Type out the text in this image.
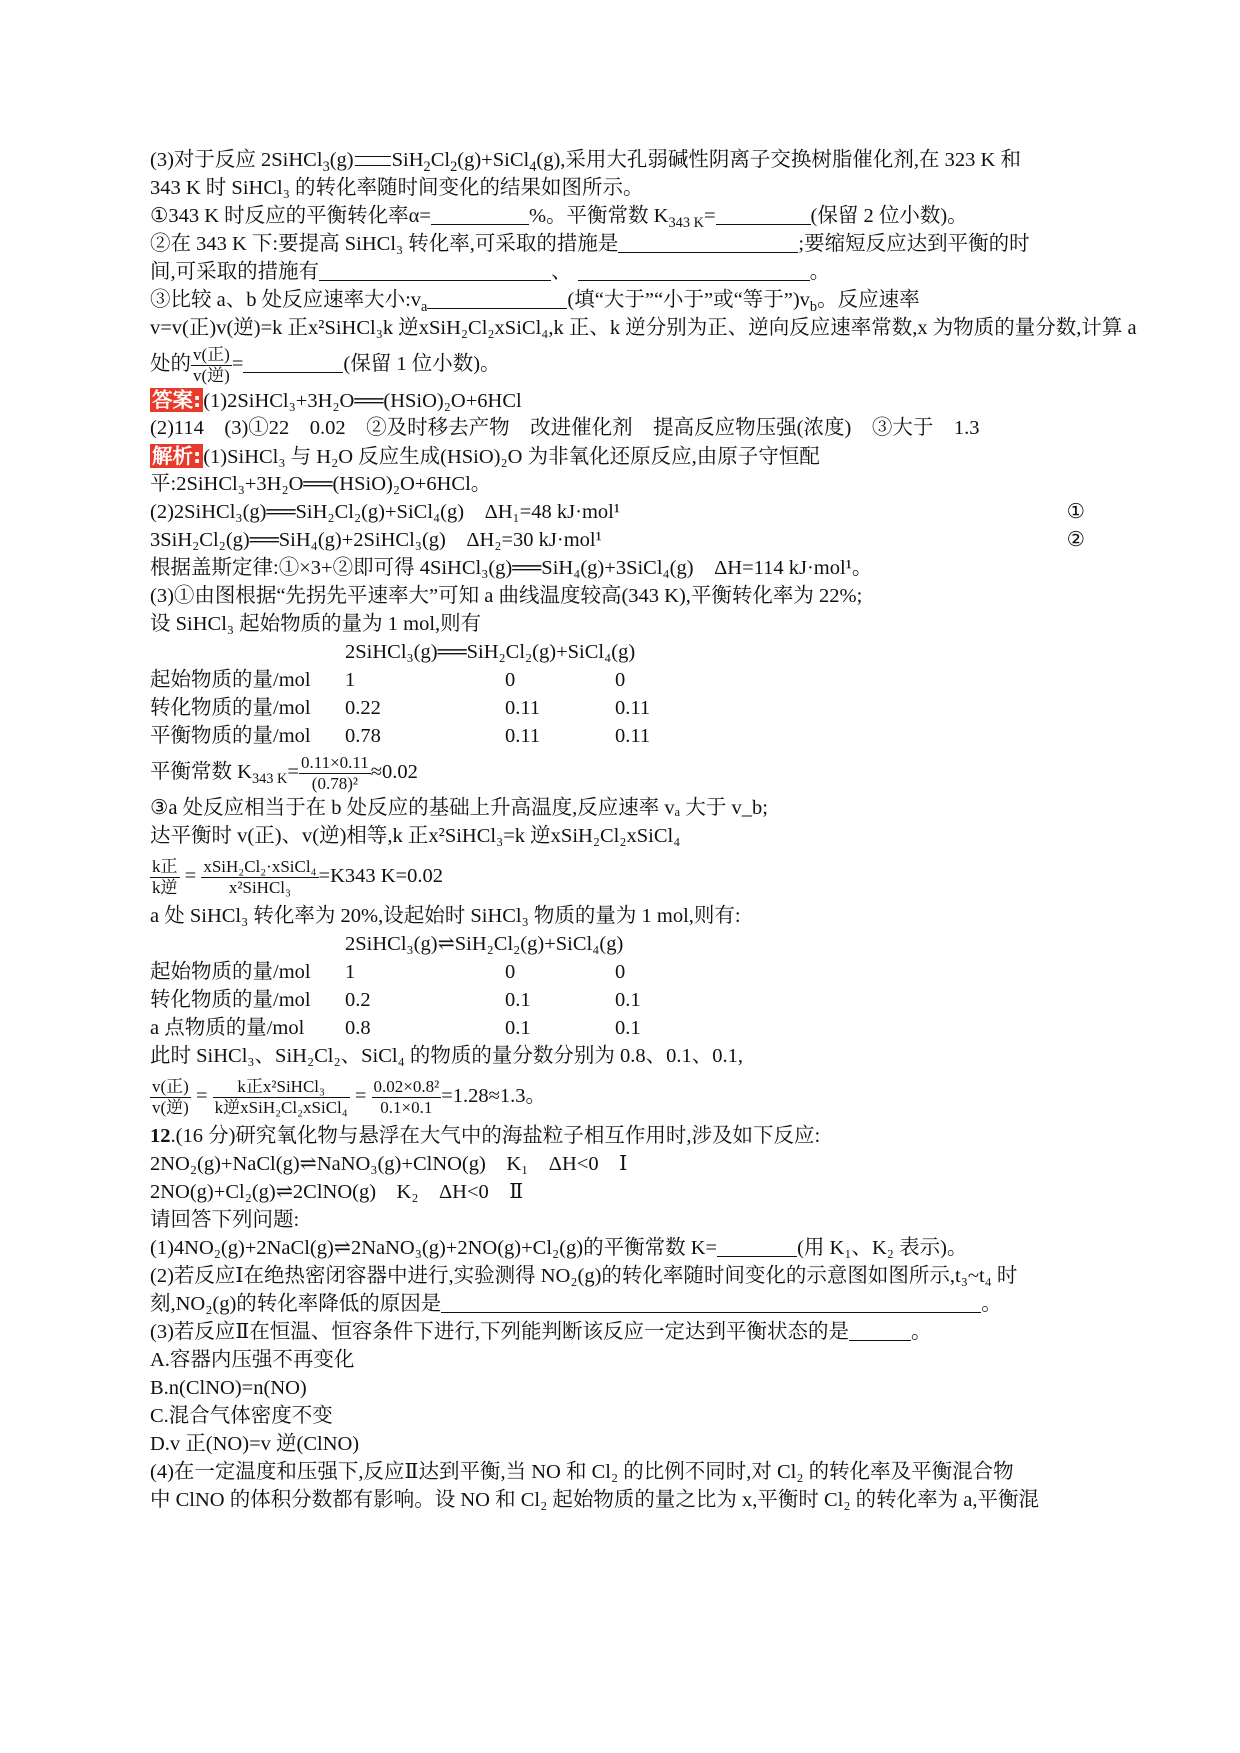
(3)对于反应 2SiHCl$_3$(g) $SiH_2Cl_2(g)+SiCl_4(g)$,采用大孔弱碱性阴离子交换树脂催化剂,在 323 K 和
343 K 时 SiHCl₃ 的转化率随时间变化的结果如图所示。
①343 K 时反应的平衡转化率α=	%。平衡常数 $K_{343 K}=$	(保留 2 位小数)。
②在 343 K 下:要提高 SiHCl₃ 转化率,可采取的措施是	;要缩短反应达到平衡的时
间,可采取的措施有	、	。
③比较 a、b 处反应速率大小$:v_a$	(填“大于”“小于”或“等于$”)v_b$。反应速率
v=v(正)v(逆)=k 正x²SiHCl₃k 逆xSiH₂Cl₂xSiCl₄,k 正、k 逆分别为正、逆向反应速率常数,x 为物质的量分数,计算 a
处的 $\frac{\text{v(正)}}{\text{v(逆)}}$ =	(保留 1 位小数)。
答案:(1)2SiHCl₃+3H₂O══(HSiO)₂O+6HCl
(2)114　(3)①22　0.02　②及时移去产物　改进催化剂　提高反应物压强(浓度)　③大于　1.3
解析:(1)SiHCl₃ 与 H₂O 反应生成(HSiO)₂O 为非氧化还原反应,由原子守恒配
平:2SiHCl₃+3H₂O══(HSiO)₂O+6HCl。
(2)2SiHCl₃(g)══SiH₂Cl₂(g)+SiCl₄(g)　ΔH₁=48 kJ·mol¹	①
3SiH₂Cl₂(g)══SiH₄(g)+2SiHCl₃(g)　ΔH₂=30 kJ·mol¹	②
根据盖斯定律:①×3+②即可得 4SiHCl₃(g)══SiH₄(g)+3SiCl₄(g)　ΔH=114 kJ·mol¹。
(3)①由图根据“先拐先平速率大”可知 a 曲线温度较高(343 K),平衡转化率为 22%;
设 SiHCl₃ 起始物质的量为 1 mol,则有
2SiHCl₃(g)══SiH₂Cl₂(g)+SiCl₄(g)
起始物质的量/mol 1	0	0
转化物质的量/mol 0.22	0.11	0.11
平衡物质的量/mol 0.78	0.11	0.11
平衡常数 $K_{343 K}= \frac{0.11\times 0.11}{\text{(0.78)²}} \approx 0.02$
③a 处反应相当于在 b 处反应的基础上升高温度,反应速率 vₐ 大于 v_b;
达平衡时 v(正)、v(逆)相等,k 正x²SiHCl₃=k 逆xSiH₂Cl₂xSiCl₄
$\frac{\text{k正}}{\text{k逆}} = \frac{\text{xSiH₂Cl₂·xSiCl₄}}{\text{x²SiHCl₃}} =K343$ K=0.02
a 处 SiHCl₃ 转化率为 20%,设起始时 SiHCl₃ 物质的量为 1 mol,则有:
2SiHCl₃(g)⇌SiH₂Cl₂(g)+SiCl₄(g)
起始物质的量/mol 1	0	0
转化物质的量/mol 0.2	0.1	0.1
a 点物质的量/mol 0.8	0.1	0.1
此时 SiHCl₃、SiH₂Cl₂、SiCl₄ 的物质的量分数分别为 0.8、0.1、0.1,
$\frac{\text{v(正)}}{\text{v(逆)}} = \frac{\text{k正x²SiHCl₃}}{\text{k逆xSiH₂Cl₂xSiCl₄}} = \frac{\text{0.02×0.8²}}{0.1\times 0.1} =1.28\approx 1.3$。
12.(16 分)研究氧化物与悬浮在大气中的海盐粒子相互作用时,涉及如下反应:
2NO₂(g)+NaCl(g)⇌NaNO₃(g)+ClNO(g)　K₁　ΔH<0　Ⅰ
2NO(g)+Cl₂(g)⇌2ClNO(g)　K₂　ΔH<0　Ⅱ
请回答下列问题:
(1)4NO₂(g)+2NaCl(g)⇌2NaNO₃(g)+2NO(g)+Cl₂(g)的平衡常数 K=	(用 K₁、K₂ 表示)。
(2)若反应Ⅰ在绝热密闭容器中进行,实验测得 NO₂(g)的转化率随时间变化的示意图如图所示,t₃~t₄ 时
刻,NO₂(g)的转化率降低的原因是	。
(3)若反应Ⅱ在恒温、恒容条件下进行,下列能判断该反应一定达到平衡状态的是	。
A.容器内压强不再变化
B.n(ClNO)=n(NO)
C.混合气体密度不变
D.v 正(NO)=v 逆(ClNO)
(4)在一定温度和压强下,反应Ⅱ达到平衡,当 NO 和 Cl₂ 的比例不同时,对 Cl₂ 的转化率及平衡混合物
中 ClNO 的体积分数都有影响。设 NO 和 Cl₂ 起始物质的量之比为 x,平衡时 Cl₂ 的转化率为 a,平衡混
